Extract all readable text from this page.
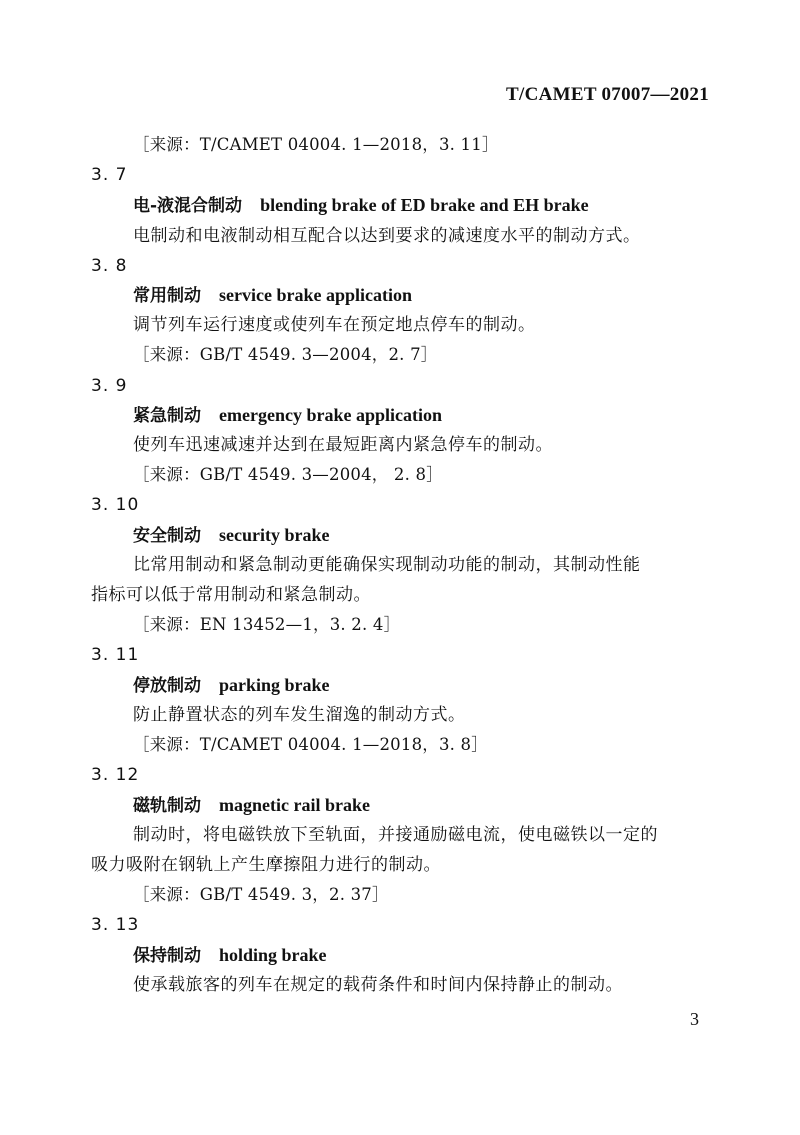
T/CAMET 07007—2021
［来源：T/CAMET 04004. 1—2018，3. 11］
3. 7
电-液混合制动 blending brake of ED brake and EH brake
电制动和电液制动相互配合以达到要求的减速度水平的制动方式。
3. 8
常用制动 service brake application
调节列车运行速度或使列车在预定地点停车的制动。
［来源：GB/T 4549. 3—2004，2. 7］
3. 9
紧急制动 emergency brake application
使列车迅速减速并达到在最短距离内紧急停车的制动。
［来源：GB/T 4549. 3—2004， 2. 8］
3. 10
安全制动 security brake
比常用制动和紧急制动更能确保实现制动功能的制动，其制动性能
指标可以低于常用制动和紧急制动。
［来源：EN 13452—1，3. 2. 4］
3. 11
停放制动 parking brake
防止静置状态的列车发生溜逸的制动方式。
［来源：T/CAMET 04004. 1—2018，3. 8］
3. 12
磁轨制动 magnetic rail brake
制动时，将电磁铁放下至轨面，并接通励磁电流，使电磁铁以一定的
吸力吸附在钢轨上产生摩擦阻力进行的制动。
［来源：GB/T 4549. 3，2. 37］
3. 13
保持制动 holding brake
使承载旅客的列车在规定的载荷条件和时间内保持静止的制动。
3
